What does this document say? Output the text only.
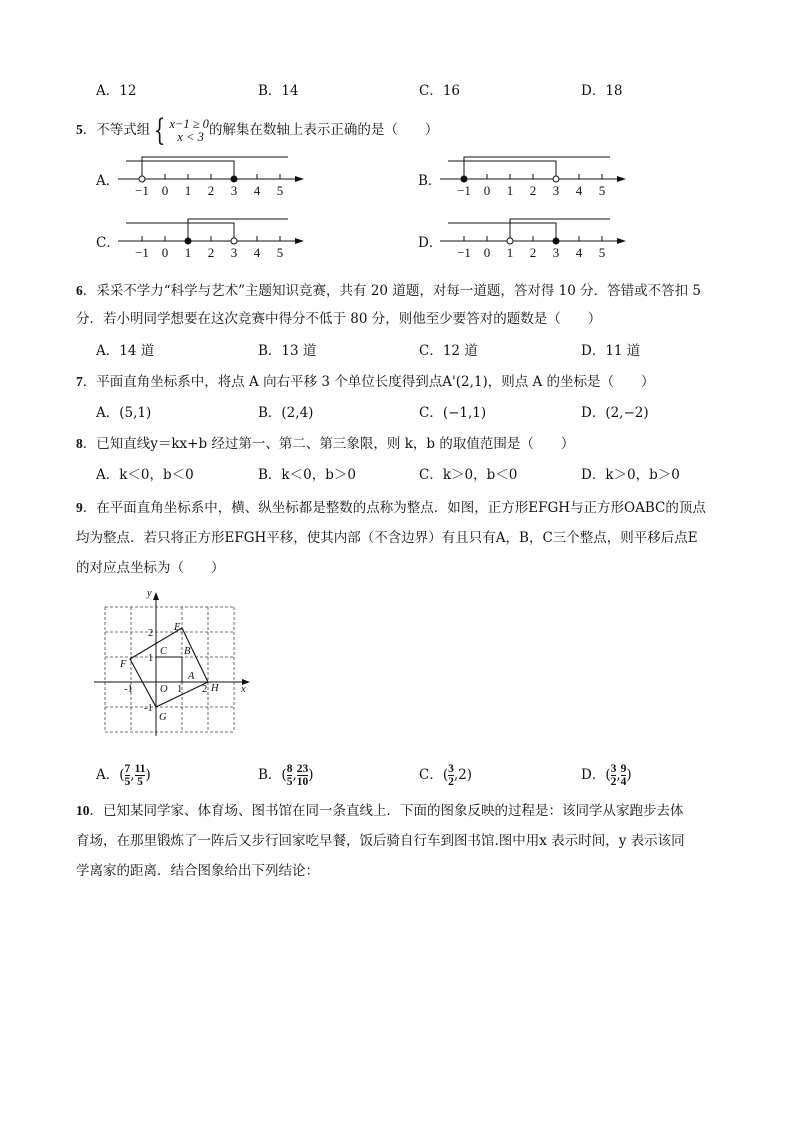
A．12	B．14	C．16	D．18
5．不等式组 { x−1 ≥ 0
x < 3 的解集在数轴上表示正确的是（　　）
A．
−1 0 1 2 3 4 5
B．
−1 0 1 2 3 4 5
C．
−1 0 1 2 3 4 5
D．
−1 0 1 2 3 4 5
6．采采不学力“科学与艺术”主题知识竞赛，共有 20 道题，对每一道题，答对得 10 分．答错或不答扣 5
分．若小明同学想要在这次竞赛中得分不低于 80 分，则他至少要答对的题数是（　　）
A．14 道	B．13 道	C．12 道	D．11 道
7．平面直角坐标系中，将点 A 向右平移 3 个单位长度得到点A'(2,1)，则点 A 的坐标是（　　）
A．(5,1)	B．(2,4)	C．(−1,1)	D．(2,−2)
8．已知直线y＝kx+b 经过第一、第二、第三象限，则 k，b 的取值范围是（　　）
A．k＜0，b＜0	B．k＜0，b＞0	C．k＞0，b＜0	D．k＞0，b＞0
9．在平面直角坐标系中，横、纵坐标都是整数的点称为整点．如图，正方形EFGH与正方形OABC的顶点
均为整点．若只将正方形EFGH平移，使其内部（不含边界）有且只有A，B，C三个整点，则平移后点E
的对应点坐标为（　　）
y
x
E
F
G
H
A
B
C
O
2
1
-1	1 2
-1
A．($\frac{7}{5} ,\frac{11}{5}$ )	B．($\frac{8}{5} ,\frac{23}{10}$ )	C．$(\frac{3}{2} ,2)$	D．($\frac{3}{2} ,\frac{9}{4}$ )
10．已知某同学家、体育场、图书馆在同一条直线上．下面的图象反映的过程是：该同学从家跑步去体
育场，在那里锻炼了一阵后又步行回家吃早餐，饭后骑自行车到图书馆.图中用x 表示时间，y 表示该同
学离家的距离．结合图象给出下列结论：
